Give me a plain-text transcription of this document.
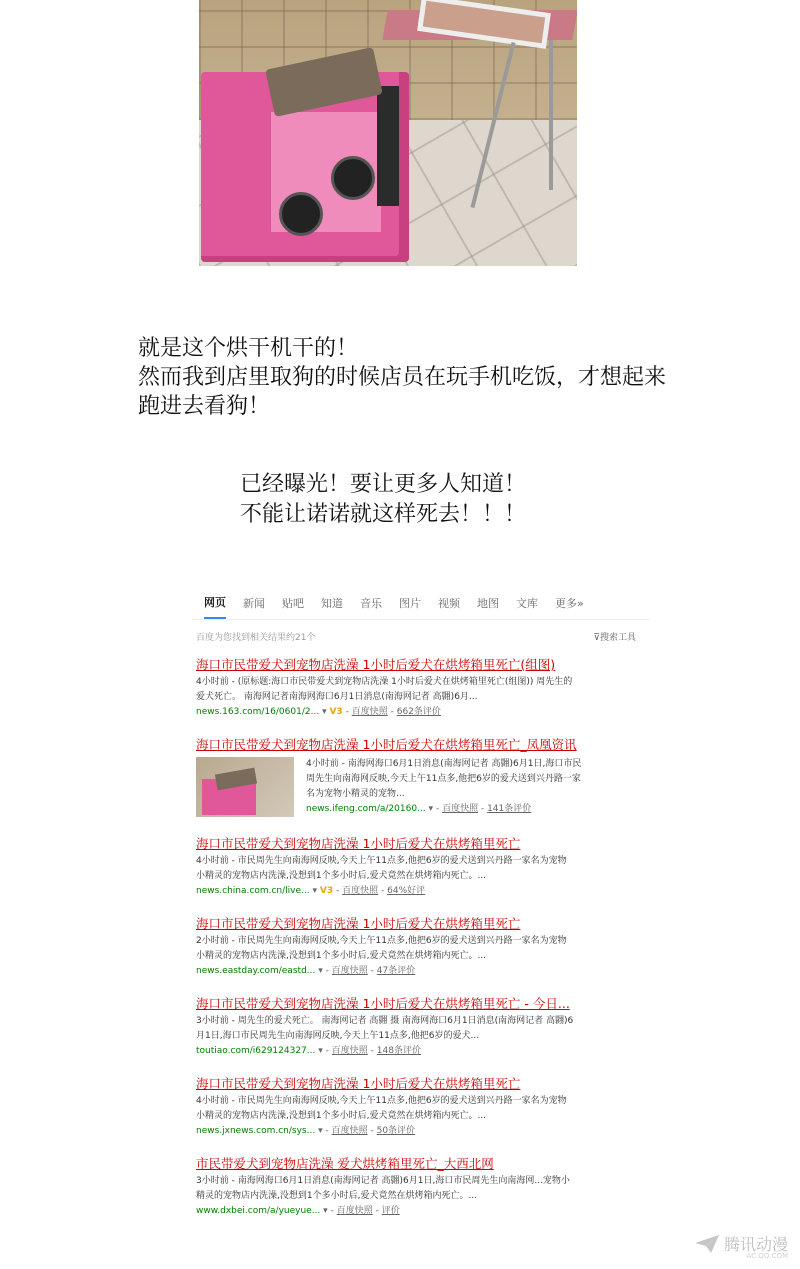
就是这个烘干机干的！
然而我到店里取狗的时候店员在玩手机吃饭，才想起来
跑进去看狗！
已经曝光！要让更多人知道！
不能让诺诺就这样死去！！！
网页 新闻 贴吧 知道 音乐 图片 视频 地图 文库 更多»
百度为您找到相关结果约21个	⊽搜索工具
海口市民带爱犬到宠物店洗澡 1小时后爱犬在烘烤箱里死亡(组图)
4小时前 - (原标题:海口市民带爱犬到宠物店洗澡 1小时后爱犬在烘烤箱里死亡(组图)) 周先生的
爱犬死亡。 南海网记者南海网海口6月1日消息(南海网记者 高翾)6月...
news.163.com/16/0601/2... ▾ V3 - 百度快照 - 662条评价
海口市民带爱犬到宠物店洗澡 1小时后爱犬在烘烤箱里死亡_凤凰资讯
4小时前 - 南海网海口6月1日消息(南海网记者 高翾)6月1日,海口市民
周先生向南海网反映,今天上午11点多,他把6岁的爱犬送到兴丹路一家
名为宠物小精灵的宠物...
news.ifeng.com/a/20160... ▾ - 百度快照 - 141条评价
海口市民带爱犬到宠物店洗澡 1小时后爱犬在烘烤箱里死亡
4小时前 - 市民周先生向南海网反映,今天上午11点多,他把6岁的爱犬送到兴丹路一家名为宠物
小精灵的宠物店内洗澡,没想到1个多小时后,爱犬竟然在烘烤箱内死亡。...
news.china.com.cn/live... ▾ V3 - 百度快照 - 64%好评
海口市民带爱犬到宠物店洗澡 1小时后爱犬在烘烤箱里死亡
2小时前 - 市民周先生向南海网反映,今天上午11点多,他把6岁的爱犬送到兴丹路一家名为宠物
小精灵的宠物店内洗澡,没想到1个多小时后,爱犬竟然在烘烤箱内死亡。...
news.eastday.com/eastd... ▾ - 百度快照 - 47条评价
海口市民带爱犬到宠物店洗澡 1小时后爱犬在烘烤箱里死亡 - 今日...
3小时前 - 周先生的爱犬死亡。 南海网记者 高翾 摄 南海网海口6月1日消息(南海网记者 高翾)6
月1日,海口市民周先生向南海网反映,今天上午11点多,他把6岁的爱犬...
toutiao.com/i629124327... ▾ - 百度快照 - 148条评价
海口市民带爱犬到宠物店洗澡 1小时后爱犬在烘烤箱里死亡
4小时前 - 市民周先生向南海网反映,今天上午11点多,他把6岁的爱犬送到兴丹路一家名为宠物
小精灵的宠物店内洗澡,没想到1个多小时后,爱犬竟然在烘烤箱内死亡。...
news.jxnews.com.cn/sys... ▾ - 百度快照 - 50条评价
市民带爱犬到宠物店洗澡 爱犬烘烤箱里死亡_大西北网
3小时前 - 南海网海口6月1日消息(南海网记者 高翾)6月1日,海口市民周先生向南海网...宠物小
精灵的宠物店内洗澡,没想到1个多小时后,爱犬竟然在烘烤箱内死亡。...
www.dxbei.com/a/yueyue... ▾ - 百度快照 - 评价
腾讯动漫
AC.QQ.COM
